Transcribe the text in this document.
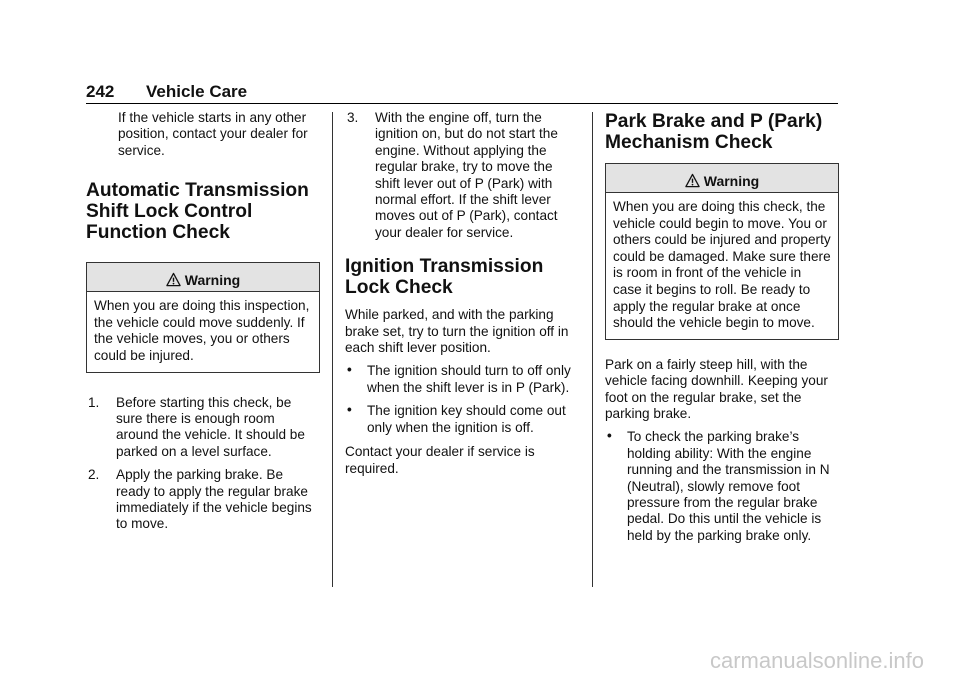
242 Vehicle Care

If the vehicle starts in any other position, contact your dealer for service.

Automatic Transmission Shift Lock Control Function Check
Warning

When you are doing this inspection, the vehicle could move suddenly. If the vehicle moves, you or others could be injured.

1. Before starting this check, be sure there is enough room around the vehicle. It should be parked on a level surface.
2. Apply the parking brake. Be ready to apply the regular brake immediately if the vehicle begins to move.
3. With the engine off, turn the ignition on, but do not start the engine. Without applying the regular brake, try to move the shift lever out of P (Park) with normal effort. If the shift lever moves out of P (Park), contact your dealer for service.
Ignition Transmission Lock Check

While parked, and with the parking brake set, try to turn the ignition off in each shift lever position.

• The ignition should turn to off only when the shift lever is in P (Park).
• The ignition key should come out only when the ignition is off.

Contact your dealer if service is required.

Park Brake and P (Park) Mechanism Check
Warning

When you are doing this check, the vehicle could begin to move. You or others could be injured and property could be damaged. Make sure there is room in front of the vehicle in case it begins to roll. Be ready to apply the regular brake at once should the vehicle begin to move.

Park on a fairly steep hill, with the vehicle facing downhill. Keeping your foot on the regular brake, set the parking brake.

• To check the parking brake’s holding ability: With the engine running and the transmission in N (Neutral), slowly remove foot pressure from the regular brake pedal. Do this until the vehicle is held by the parking brake only.
carmanualsonline.info
